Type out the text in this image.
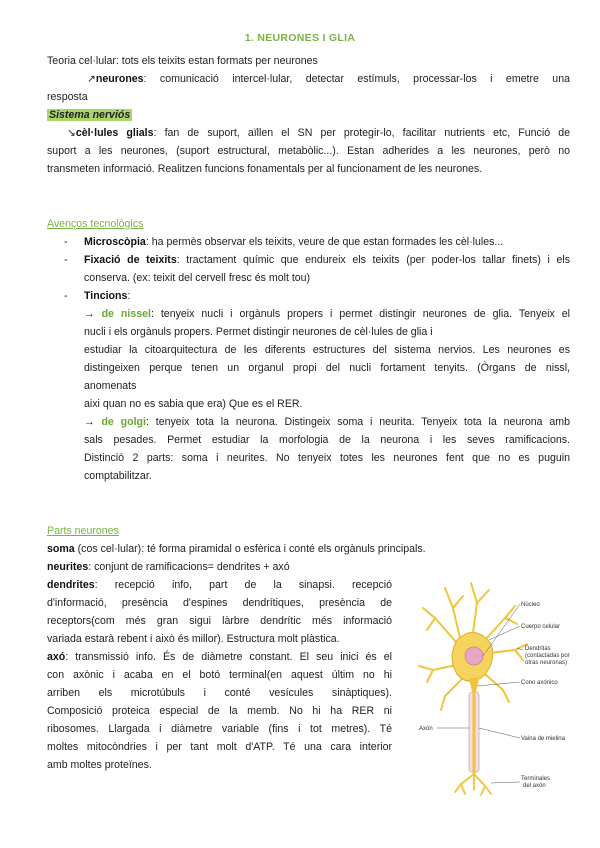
1. NEURONES I GLIA
Teoria cel·lular: tots els teixits estan formats per neurones
↗neurones: comunicació intercel·lular, detectar estímuls, processar-los i emetre una
resposta
Sistema nerviós
↘cèl·lules glials: fan de suport, aïllen el SN per protegir-lo, facilitar nutrients etc, Funció de
suport a les neurones, (suport estructural, metabòlic...). Estan adherides a les neurones, però no
transmeten informació. Realitzen funcions fonamentals per al funcionament de les neurones.
Avenços tecnològics
- Microscòpia: ha permès observar els teixits, veure de que estan formades les cèl·lules...
- Fixació de teixits: tractament químic que endureix els teixits (per poder-los tallar finets) i els
conserva. (ex: teixit del cervell fresc és molt tou)
- Tincions:
→ de nissel: tenyeix nucli i orgànuls propers i permet distingir neurones de glia. Tenyeix el
nucli i els orgànuls propers. Permet distingir neurones de cèl·lules de glia i
estudiar la citoarquitectura de les diferents estructures del sistema nervios. Les neurones es
distingeixen perque tenen un organul propi del nucli fortament tenyits. (Òrgans de nissl,
anomenats
aixi quan no es sabia que era) Que es el RER.
→ de golgi: tenyeix tota la neurona. Distingeix soma i neurita. Tenyeix tota la neurona amb
sals pesades. Permet estudiar la morfologia de la neurona i les seves ramificacions.
Distinció 2 parts: soma i neurites. No tenyeix totes les neurones fent que no es puguin
comptabilitzar.
Parts neurones
soma (cos cel·lular): té forma piramidal o esfèrica i conté els orgànuls principals.
neurites: conjunt de ramificacions= dendrites + axó
dendrites: recepció info, part de la sinapsi. recepció
d'informació, presència d'espines dendrítiques, presència de
receptors(com més gran sigui làrbre dendrític més informació
variada estarà rebent i això és millor). Estructura molt plàstica.
axó: transmissió info. És de diàmetre constant. El seu inici és el
con axònic i acaba en el botó terminal(en aquest últim no hi
arriben els microtúbuls i conté vesícules sinàptiques).
Composició proteica especial de la memb. No hi ha RER ni
ribosomes. Llargada i diàmetre variable (fins i tot metres). Té
moltes mitocòndries i per tant molt d'ATP. Té una cara interior
amb moltes proteïnes.
Núcleo
Cuerpo celular
Dendritas
(contactadas por
otras neuronas)
Cono axónico
Axón
Vaina de mielina
Terminales
del axón
